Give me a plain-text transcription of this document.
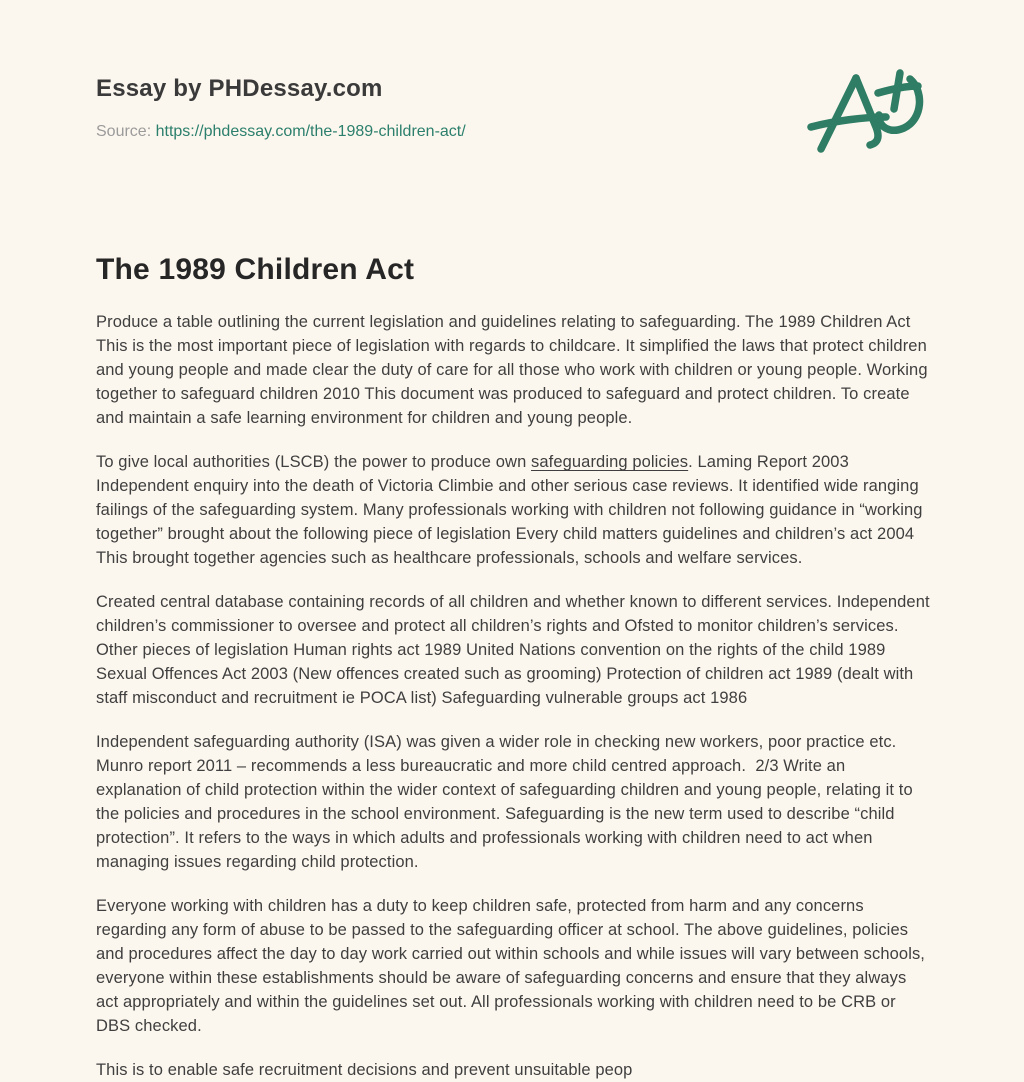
Essay by PHDessay.com
Source: https://phdessay.com/the-1989-children-act/
The 1989 Children Act

Produce a table outlining the current legislation and guidelines relating to safeguarding. The 1989 Children Act This is the most important piece of legislation with regards to childcare. It simplified the laws that protect children and young people and made clear the duty of care for all those who work with children or young people. Working together to safeguard children 2010 This document was produced to safeguard and protect children. To create and maintain a safe learning environment for children and young people.

To give local authorities (LSCB) the power to produce own safeguarding policies. Laming Report 2003 Independent enquiry into the death of Victoria Climbie and other serious case reviews. It identified wide ranging failings of the safeguarding system. Many professionals working with children not following guidance in “working together” brought about the following piece of legislation Every child matters guidelines and children’s act 2004 This brought together agencies such as healthcare professionals, schools and welfare services.

Created central database containing records of all children and whether known to different services. Independent children’s commissioner to oversee and protect all children’s rights and Ofsted to monitor children’s services. Other pieces of legislation Human rights act 1989 United Nations convention on the rights of the child 1989 Sexual Offences Act 2003 (New offences created such as grooming) Protection of children act 1989 (dealt with staff misconduct and recruitment ie POCA list) Safeguarding vulnerable groups act 1986

Independent safeguarding authority (ISA) was given a wider role in checking new workers, poor practice etc. Munro report 2011 – recommends a less bureaucratic and more child centred approach.  2/3 Write an explanation of child protection within the wider context of safeguarding children and young people, relating it to the policies and procedures in the school environment. Safeguarding is the new term used to describe “child protection”. It refers to the ways in which adults and professionals working with children need to act when managing issues regarding child protection.

Everyone working with children has a duty to keep children safe, protected from harm and any concerns regarding any form of abuse to be passed to the safeguarding officer at school. The above guidelines, policies and procedures affect the day to day work carried out within schools and while issues will vary between schools, everyone within these establishments should be aware of safeguarding concerns and ensure that they always act appropriately and within the guidelines set out. All professionals working with children need to be CRB or DBS checked.

This is to enable safe recruitment decisions and prevent unsuitable peop
